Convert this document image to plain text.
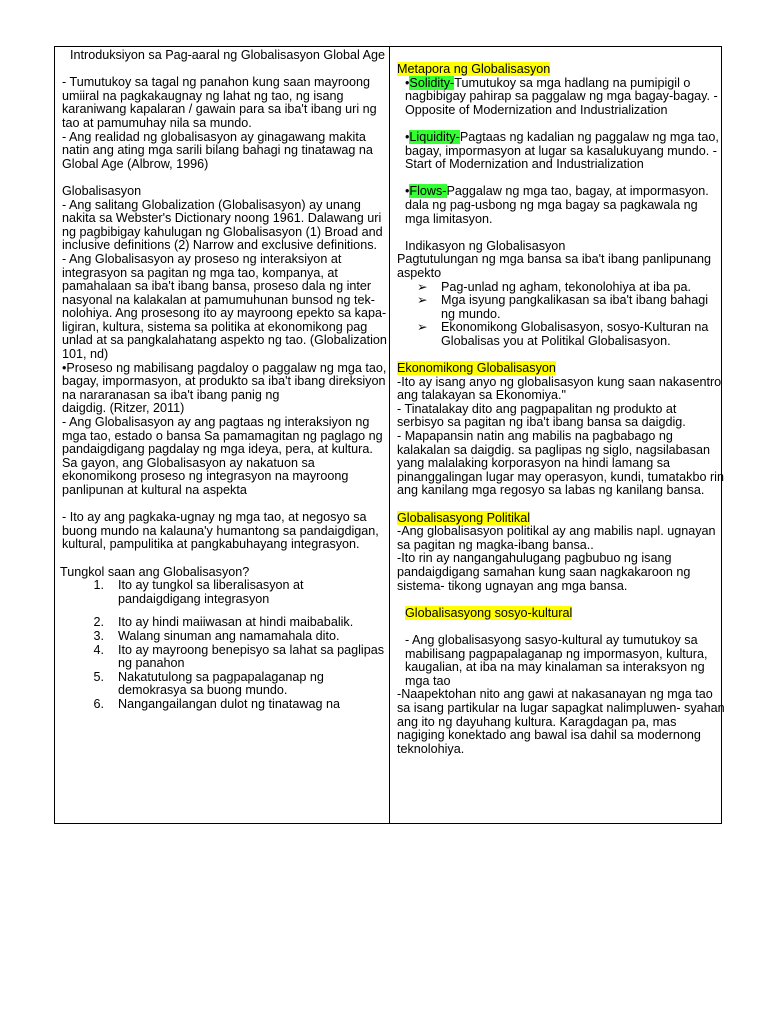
Introduksiyon sa Pag-aaral ng Globalisasyon Global Age

- Tumutukoy sa tagal ng panahon kung saan mayroong umiiral na pagkakaugnay ng lahat ng tao, ng isang karaniwang kapalaran / gawain para sa iba't ibang uri ng tao at pamumuhay nila sa mundo.

- Ang realidad ng globalisasyon ay ginagawang makita natin ang ating mga sarili bilang bahagi ng tinatawag na Global Age (Albrow, 1996)

Globalisasyon

- Ang salitang Globalization (Globalisasyon) ay unang nakita sa Webster's Dictionary noong 1961. Dalawang uri ng pagbibigay kahulugan ng Globalisasyon (1) Broad and inclusive definitions (2) Narrow and exclusive definitions.

- Ang Globalisasyon ay proseso ng interaksiyon at integrasyon sa pagitan ng mga tao, kompanya, at pamahalaan sa iba't ibang bansa, proseso dala ng inter nasyonal na kalakalan at pamumuhunan bunsod ng tek- nolohiya. Ang prosesong ito ay mayroong epekto sa kapa- ligiran, kultura, sistema sa politika at ekonomikong pag unlad at sa pangkalahatang aspekto ng tao. (Globalization 101, nd)

•Proseso ng mabilisang pagdaloy o paggalaw ng mga tao, bagay, impormasyon, at produkto sa iba't ibang direksiyon na nararanasan sa iba't ibang panig ng

daigdig. (Ritzer, 2011)

- Ang Globalisasyon ay ang pagtaas ng interaksiyon ng mga tao, estado o bansa Sa pamamagitan ng paglago ng pandaigdigang pagdalay ng mga ideya, pera, at kultura. Sa gayon, ang Globalisasyon ay nakatuon sa ekonomikong proseso ng integrasyon na mayroong panlipunan at kultural na aspekta

- Ito ay ang pagkaka-ugnay ng mga tao, at negosyo sa buong mundo na kalauna'y humantong sa pandaigdigan, kultural, pampulitika at pangkabuhayang integrasyon.

Tungkol saan ang Globalisasyon?

1. Ito ay tungkol sa liberalisasyon at pandaigdigang integrasyon
2. Ito ay hindi maiiwasan at hindi maibabalik.
3. Walang sinuman ang namamahala dito.
4. Ito ay mayroong benepisyo sa lahat sa paglipas ng panahon
5. Nakatutulong sa pagpapalaganap ng demokrasya sa buong mundo.
6. Nangangailangan dulot ng tinatawag na

Metapora ng Globalisasyon

•Solidity-Tumutukoy sa mga hadlang na pumipigil o nagbibigay pahirap sa paggalaw ng mga bagay-bagay. - Opposite of Modernization and Industrialization

•Liquidity-Pagtaas ng kadalian ng paggalaw ng mga tao, bagay, impormasyon at lugar sa kasalukuyang mundo. -Start of Modernization and Industrialization

•Flows-Paggalaw ng mga tao, bagay, at impormasyon. dala ng pag-usbong ng mga bagay sa pagkawala ng mga limitasyon.

Indikasyon ng Globalisasyon

Pagtutulungan ng mga bansa sa iba't ibang panlipunang aspekto

➢ Pag-unlad ng agham, tekonolohiya at iba pa.
➢ Mga isyung pangkalikasan sa iba't ibang bahagi ng mundo.
➢ Ekonomikong Globalisasyon, sosyo-Kulturan na Globalisas you at Politikal Globalisasyon.

Ekonomikong Globalisasyon

-Ito ay isang anyo ng globalisasyon kung saan nakasentro ang talakayan sa Ekonomiya."

- Tinatalakay dito ang pagpapalitan ng produkto at serbisyo sa pagitan ng iba't ibang bansa sa daigdig.

- Mapapansin natin ang mabilis na pagbabago ng kalakalan sa daigdig. sa paglipas ng siglo, nagsilabasan yang malalaking korporasyon na hindi lamang sa pinanggalingan lugar may operasyon, kundi, tumatakbo rin ang kanilang mga regosyo sa labas ng kanilang bansa.

Globalisasyong Politikal

-Ang globalisasyon politikal ay ang mabilis napl. ugnayan sa pagitan ng magka-ibang bansa..

-Ito rin ay nangangahulugang pagbubuo ng isang pandaigdigang samahan kung saan nagkakaroon ng sistema- tikong ugnayan ang mga bansa.

Globalisasyong sosyo-kultural

- Ang globalisasyong sasyo-kultural ay tumutukoy sa mabilisang pagpapalaganap ng impormasyon, kultura, kaugalian, at iba na may kinalaman sa interaksyon ng mga tao

-Naapektohan nito ang gawi at nakasanayan ng mga tao sa isang partikular na lugar sapagkat nalimpluwen- syahan ang ito ng dayuhang kultura. Karagdagan pa, mas nagiging konektado ang bawal isa dahil sa modernong teknolohiya.
